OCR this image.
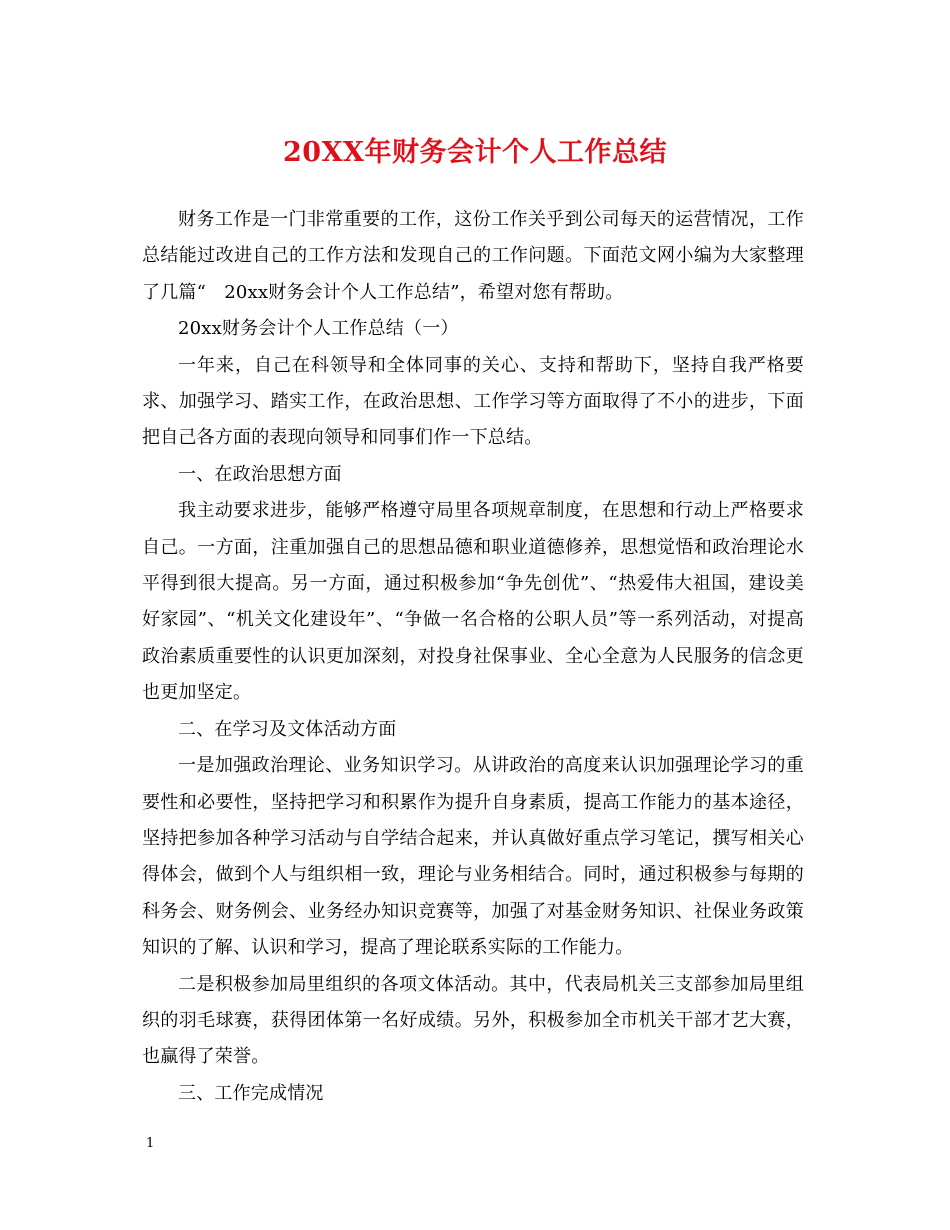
20XX年财务会计个人工作总结

财务工作是一门非常重要的工作，这份工作关乎到公司每天的运营情况，工作总结能过改进自己的工作方法和发现自己的工作问题。下面范文网小编为大家整理了几篇“　20xx财务会计个人工作总结”，希望对您有帮助。

20xx财务会计个人工作总结（一）

一年来，自己在科领导和全体同事的关心、支持和帮助下，坚持自我严格要求、加强学习、踏实工作，在政治思想、工作学习等方面取得了不小的进步，下面把自己各方面的表现向领导和同事们作一下总结。

一、在政治思想方面

我主动要求进步，能够严格遵守局里各项规章制度，在思想和行动上严格要求自己。一方面，注重加强自己的思想品德和职业道德修养，思想觉悟和政治理论水平得到很大提高。另一方面，通过积极参加“争先创优”、“热爱伟大祖国，建设美好家园”、“机关文化建设年”、“争做一名合格的公职人员”等一系列活动，对提高政治素质重要性的认识更加深刻，对投身社保事业、全心全意为人民服务的信念更也更加坚定。

二、在学习及文体活动方面

一是加强政治理论、业务知识学习。从讲政治的高度来认识加强理论学习的重要性和必要性，坚持把学习和积累作为提升自身素质，提高工作能力的基本途径，坚持把参加各种学习活动与自学结合起来，并认真做好重点学习笔记，撰写相关心得体会，做到个人与组织相一致，理论与业务相结合。同时，通过积极参与每期的科务会、财务例会、业务经办知识竞赛等，加强了对基金财务知识、社保业务政策知识的了解、认识和学习，提高了理论联系实际的工作能力。

二是积极参加局里组织的各项文体活动。其中，代表局机关三支部参加局里组织的羽毛球赛，获得团体第一名好成绩。另外，积极参加全市机关干部才艺大赛，也赢得了荣誉。

三、工作完成情况

1
